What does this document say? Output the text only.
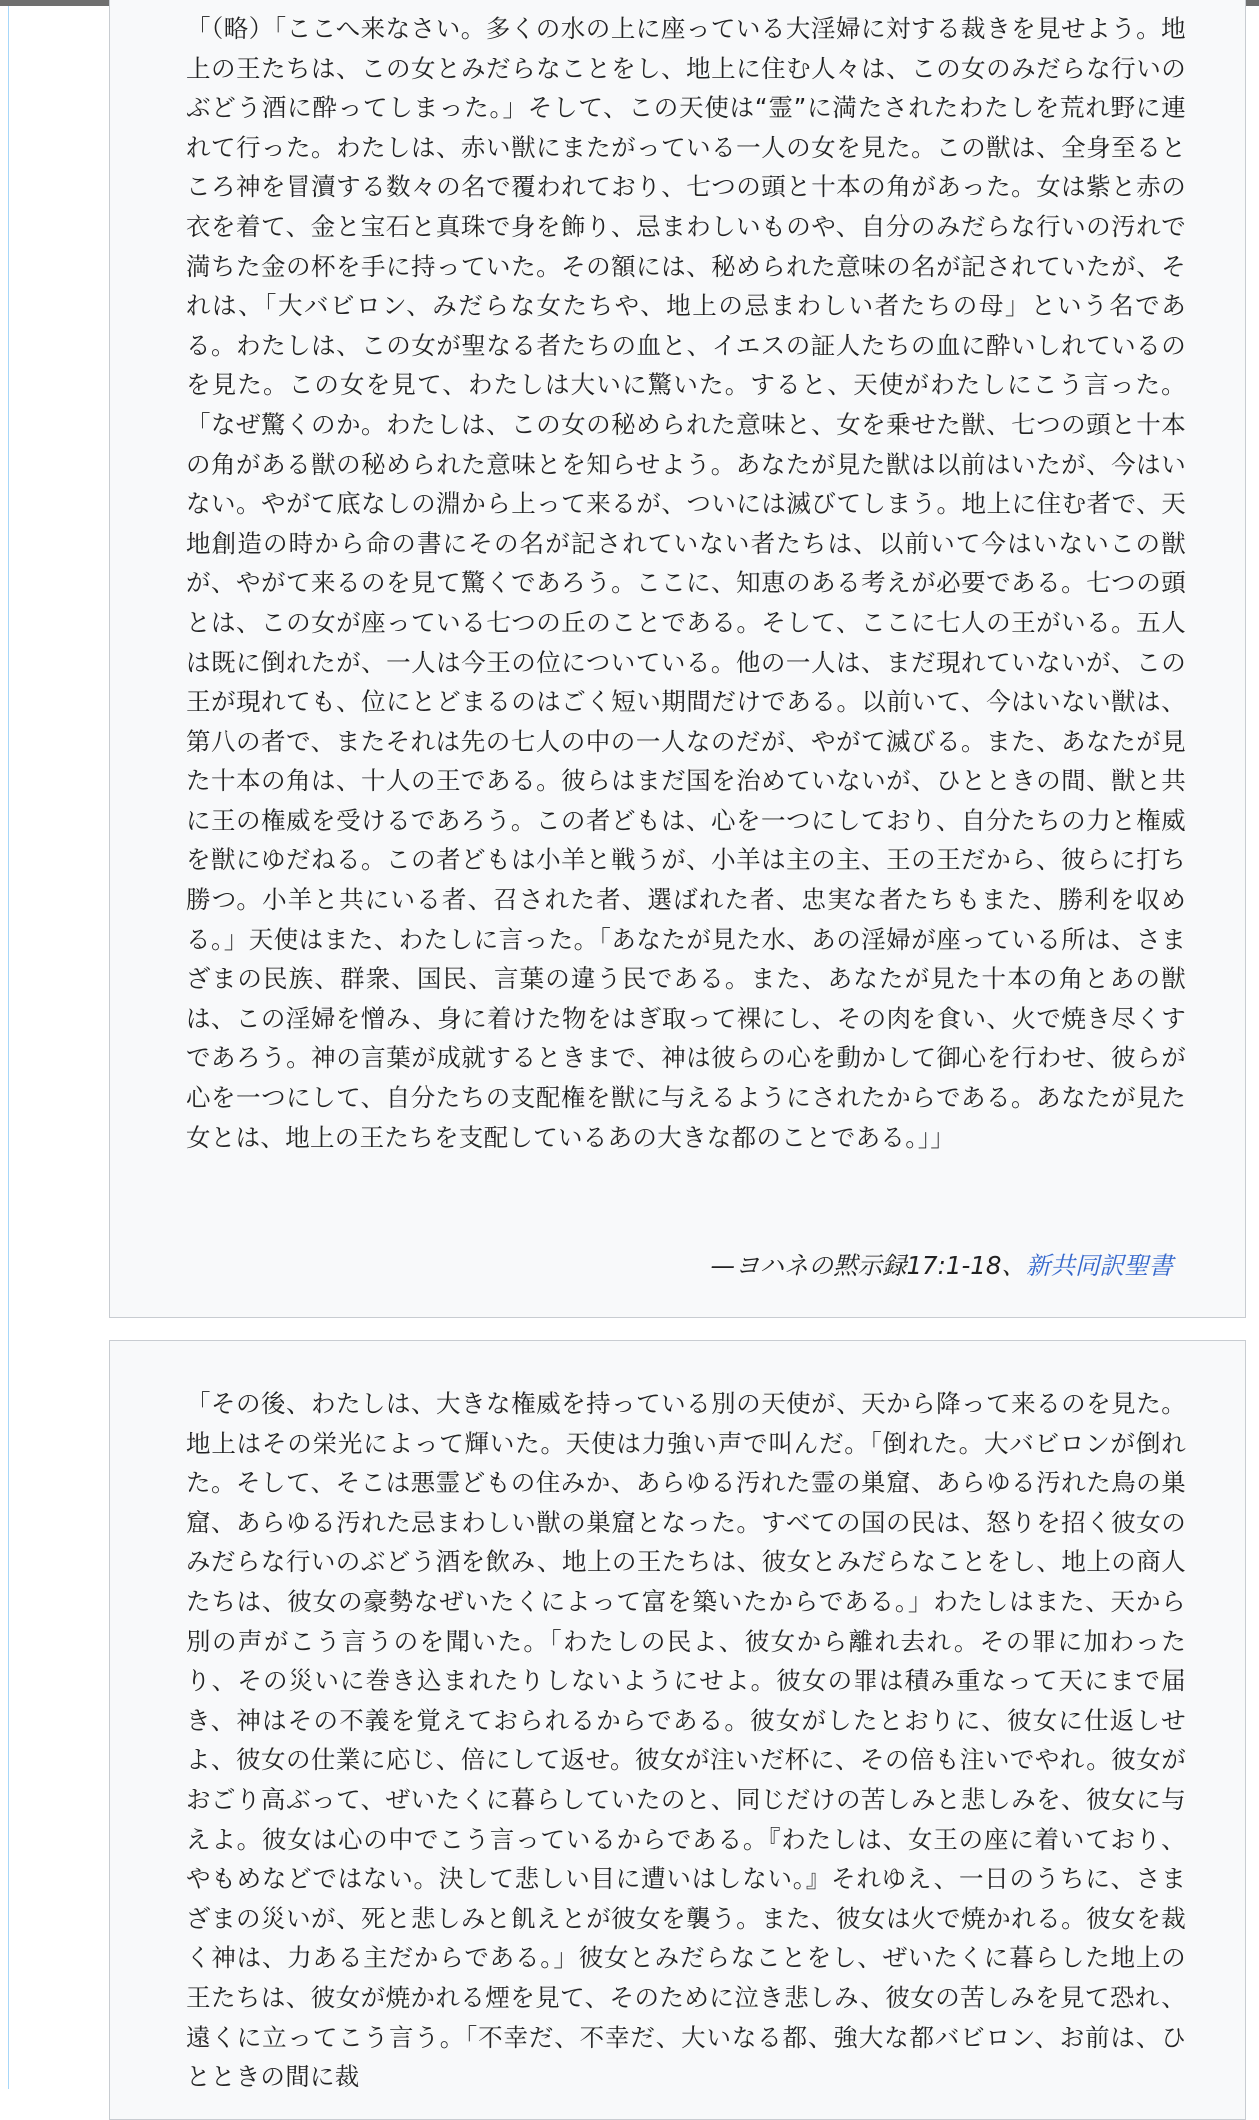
「（略）「ここへ来なさい。多くの水の上に座っている大淫婦に対する裁きを見せよう。地上の王たちは、この女とみだらなことをし、地上に住む人々は、この女のみだらな行いのぶどう酒に酔ってしまった。」そして、この天使は“霊”に満たされたわたしを荒れ野に連れて行った。わたしは、赤い獣にまたがっている一人の女を見た。この獣は、全身至るところ神を冒瀆する数々の名で覆われており、七つの頭と十本の角があった。女は紫と赤の衣を着て、金と宝石と真珠で身を飾り、忌まわしいものや、自分のみだらな行いの汚れで満ちた金の杯を手に持っていた。その額には、秘められた意味の名が記されていたが、それは、「大バビロン、みだらな女たちや、地上の忌まわしい者たちの母」という名である。わたしは、この女が聖なる者たちの血と、イエスの証人たちの血に酔いしれているのを見た。この女を見て、わたしは大いに驚いた。すると、天使がわたしにこう言った。「なぜ驚くのか。わたしは、この女の秘められた意味と、女を乗せた獣、七つの頭と十本の角がある獣の秘められた意味とを知らせよう。あなたが見た獣は以前はいたが、今はいない。やがて底なしの淵から上って来るが、ついには滅びてしまう。地上に住む者で、天地創造の時から命の書にその名が記されていない者たちは、以前いて今はいないこの獣が、やがて来るのを見て驚くであろう。ここに、知恵のある考えが必要である。七つの頭とは、この女が座っている七つの丘のことである。そして、ここに七人の王がいる。五人は既に倒れたが、一人は今王の位についている。他の一人は、まだ現れていないが、この王が現れても、位にとどまるのはごく短い期間だけである。以前いて、今はいない獣は、第八の者で、またそれは先の七人の中の一人なのだが、やがて滅びる。また、あなたが見た十本の角は、十人の王である。彼らはまだ国を治めていないが、ひとときの間、獣と共に王の権威を受けるであろう。この者どもは、心を一つにしており、自分たちの力と権威を獣にゆだねる。この者どもは小羊と戦うが、小羊は主の主、王の王だから、彼らに打ち勝つ。小羊と共にいる者、召された者、選ばれた者、忠実な者たちもまた、勝利を収める。」天使はまた、わたしに言った。「あなたが見た水、あの淫婦が座っている所は、さまざまの民族、群衆、国民、言葉の違う民である。また、あなたが見た十本の角とあの獣は、この淫婦を憎み、身に着けた物をはぎ取って裸にし、その肉を食い、火で焼き尽くすであろう。神の言葉が成就するときまで、神は彼らの心を動かして御心を行わせ、彼らが心を一つにして、自分たちの支配権を獣に与えるようにされたからである。あなたが見た女とは、地上の王たちを支配しているあの大きな都のことである。」」

—ヨハネの黙示録17:1-18、新共同訳聖書

「その後、わたしは、大きな権威を持っている別の天使が、天から降って来るのを見た。地上はその栄光によって輝いた。天使は力強い声で叫んだ。「倒れた。大バビロンが倒れた。そして、そこは悪霊どもの住みか、あらゆる汚れた霊の巣窟、あらゆる汚れた鳥の巣窟、あらゆる汚れた忌まわしい獣の巣窟となった。すべての国の民は、怒りを招く彼女のみだらな行いのぶどう酒を飲み、地上の王たちは、彼女とみだらなことをし、地上の商人たちは、彼女の豪勢なぜいたくによって富を築いたからである。」わたしはまた、天から別の声がこう言うのを聞いた。「わたしの民よ、彼女から離れ去れ。その罪に加わったり、その災いに巻き込まれたりしないようにせよ。彼女の罪は積み重なって天にまで届き、神はその不義を覚えておられるからである。彼女がしたとおりに、彼女に仕返しせよ、彼女の仕業に応じ、倍にして返せ。彼女が注いだ杯に、その倍も注いでやれ。彼女がおごり高ぶって、ぜいたくに暮らしていたのと、同じだけの苦しみと悲しみを、彼女に与えよ。彼女は心の中でこう言っているからである。『わたしは、女王の座に着いており、やもめなどではない。決して悲しい目に遭いはしない。』それゆえ、一日のうちに、さまざまの災いが、死と悲しみと飢えとが彼女を襲う。また、彼女は火で焼かれる。彼女を裁く神は、力ある主だからである。」彼女とみだらなことをし、ぜいたくに暮らした地上の王たちは、彼女が焼かれる煙を見て、そのために泣き悲しみ、彼女の苦しみを見て恐れ、遠くに立ってこう言う。「不幸だ、不幸だ、大いなる都、強大な都バビロン、お前は、ひとときの間に裁
